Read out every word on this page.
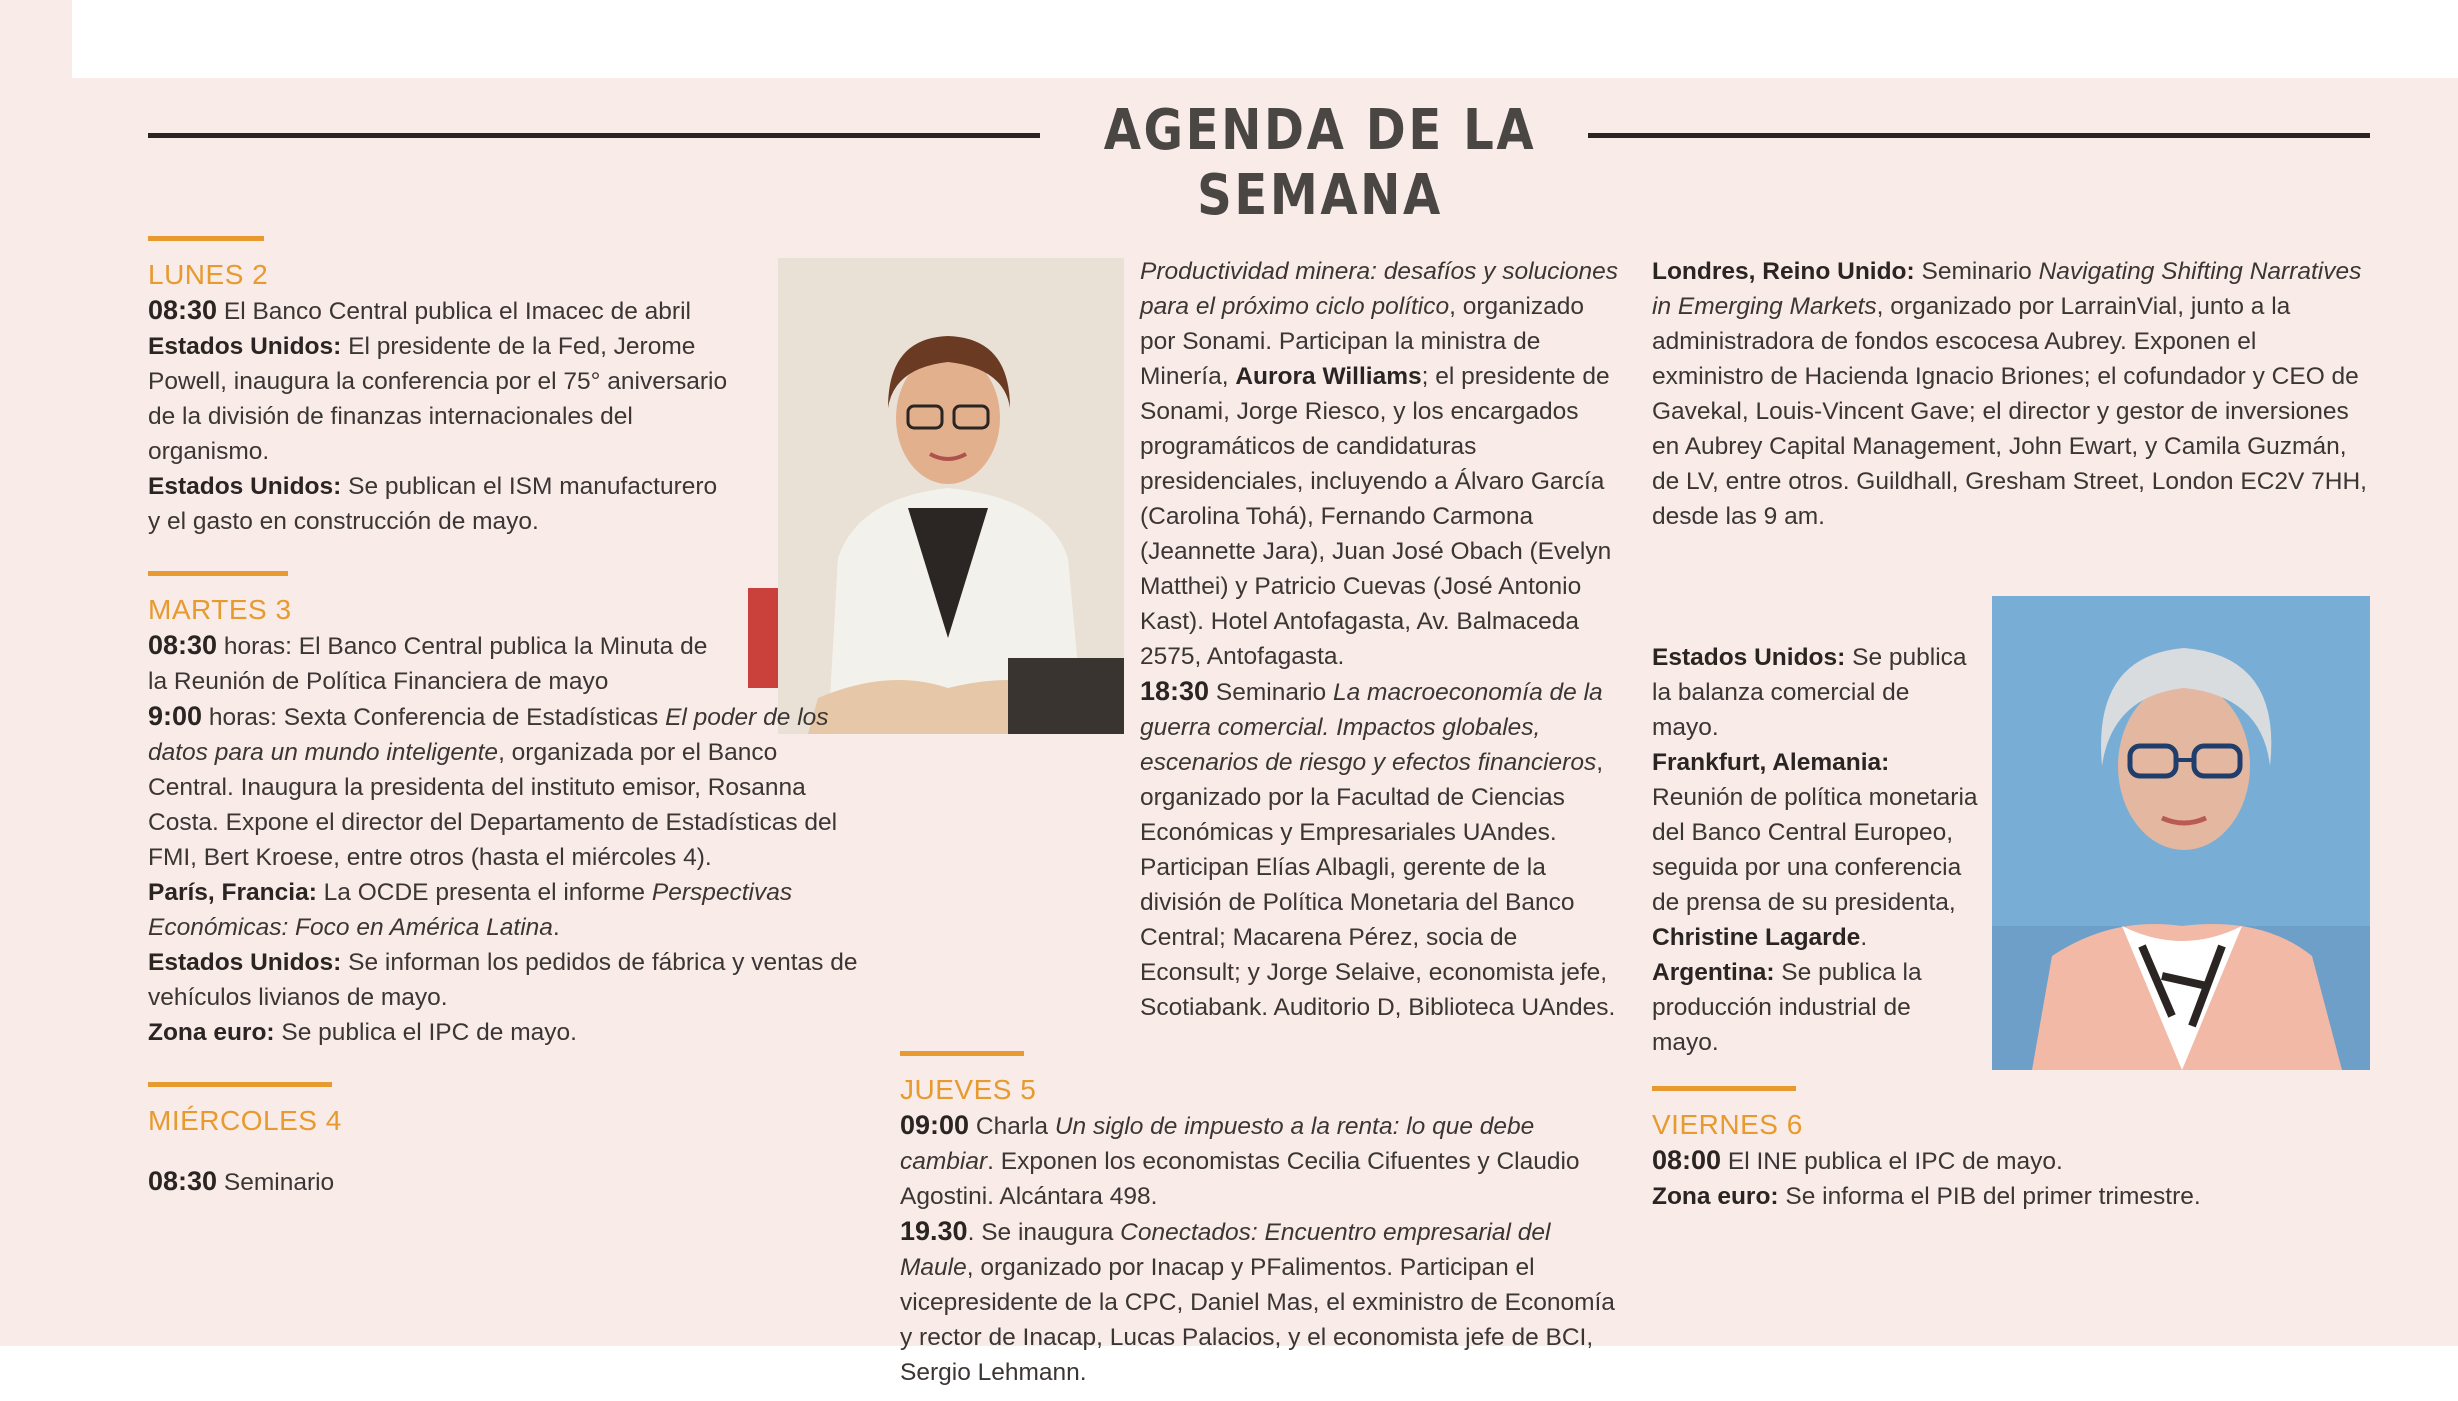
AGENDA DE LA SEMANA
LUNES 2

08:30 El Banco Central publica el Imacec de abril

Estados Unidos: El presidente de la Fed, Jerome Powell, inaugura la conferencia por el 75° aniversario de la división de finanzas internacionales del organismo.

Estados Unidos: Se publican el ISM manufacturero y el gasto en construcción de mayo.

MARTES 3

08:30 horas: El Banco Central publica la Minuta de la Reunión de Política Financiera de mayo

9:00 horas: Sexta Conferencia de Estadísticas El poder de los datos para un mundo inteligente, organizada por el Banco Central. Inaugura la presidenta del instituto emisor, Rosanna Costa. Expone el director del Departamento de Estadísticas del FMI, Bert Kroese, entre otros (hasta el miércoles 4).

París, Francia: La OCDE presenta el informe Perspectivas Económicas: Foco en América Latina.

Estados Unidos: Se informan los pedidos de fábrica y ventas de vehículos livianos de mayo.

Zona euro: Se publica el IPC de mayo.

MIÉRCOLES 4

08:30 Seminario

Productividad minera: desafíos y soluciones para el próximo ciclo político, organizado por Sonami. Participan la ministra de Minería, Aurora Williams; el presidente de Sonami, Jorge Riesco, y los encargados programáticos de candidaturas presidenciales, incluyendo a Álvaro García (Carolina Tohá), Fernando Carmona (Jeannette Jara), Juan José Obach (Evelyn Matthei) y Patricio Cuevas (José Antonio Kast). Hotel Antofagasta, Av. Balmaceda 2575, Antofagasta.

18:30 Seminario La macroeconomía de la guerra comercial. Impactos globales, escenarios de riesgo y efectos financieros, organizado por la Facultad de Ciencias Económicas y Empresariales UAndes. Participan Elías Albagli, gerente de la división de Política Monetaria del Banco Central; Macarena Pérez, socia de Econsult; y Jorge Selaive, economista jefe, Scotiabank. Auditorio D, Biblioteca UAndes.

JUEVES 5

09:00 Charla Un siglo de impuesto a la renta: lo que debe cambiar. Exponen los economistas Cecilia Cifuentes y Claudio Agostini. Alcántara 498.

19.30. Se inaugura Conectados: Encuentro empresarial del Maule, organizado por Inacap y PFalimentos. Participan el vicepresidente de la CPC, Daniel Mas, el exministro de Economía y rector de Inacap, Lucas Palacios, y el economista jefe de BCI, Sergio Lehmann.

Londres, Reino Unido: Seminario Navigating Shifting Narratives in Emerging Markets, organizado por LarrainVial, junto a la administradora de fondos escocesa Aubrey. Exponen el exministro de Hacienda Ignacio Briones; el cofundador y CEO de Gavekal, Louis-Vincent Gave; el director y gestor de inversiones en Aubrey Capital Management, John Ewart, y Camila Guzmán, de LV, entre otros. Guildhall, Gresham Street, London EC2V 7HH, desde las 9 am.

Estados Unidos: Se publica la balanza comercial de mayo.

Frankfurt, Alemania: Reunión de política monetaria del Banco Central Europeo, seguida por una conferencia de prensa de su presidenta, Christine Lagarde.

Argentina: Se publica la producción industrial de mayo.

VIERNES 6

08:00 El INE publica el IPC de mayo.

Zona euro: Se informa el PIB del primer trimestre.
